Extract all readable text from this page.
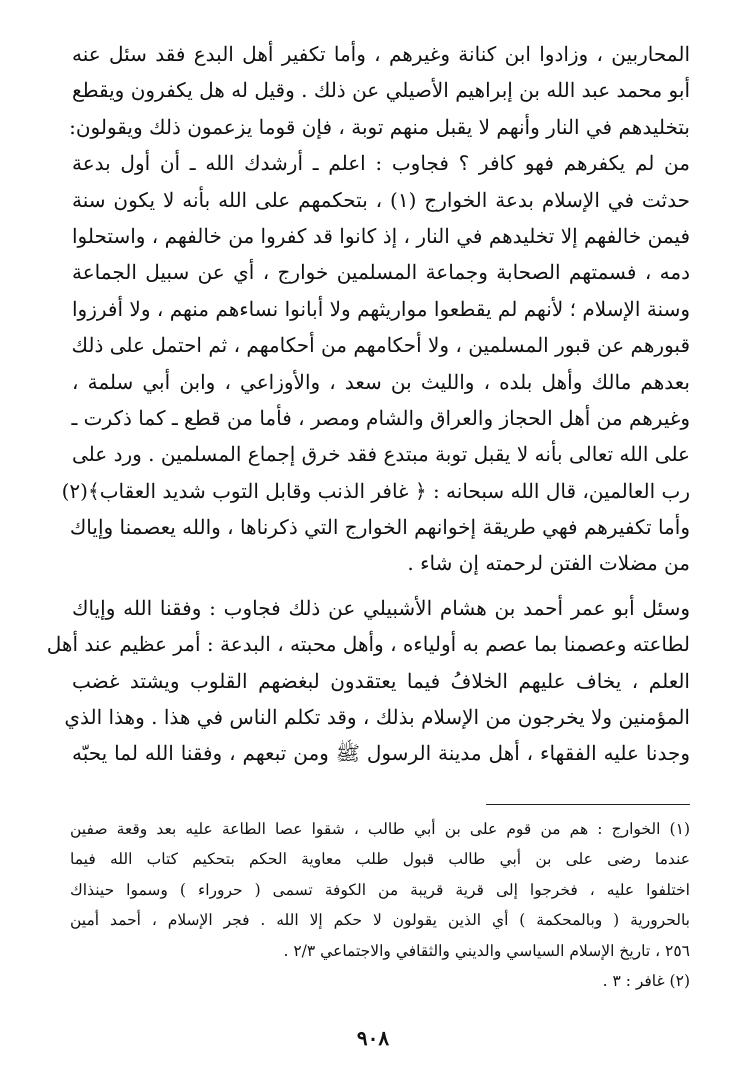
المحاربين ، وزادوا ابن كنانة وغيرهم ، وأما تكفير أهل البدع فقد سئل عنه
أبو محمد عبد الله بن إبراهيم الأصيلي عن ذلك . وقيل له هل يكفرون ويقطع
بتخليدهم في النار وأنهم لا يقبل منهم توبة ، فإن قوما يزعمون ذلك ويقولون:
من لم يكفرهم فهو كافر ؟ فجاوب : اعلم ـ أرشدك الله ـ أن أول بدعة
حدثت في الإسلام بدعة الخوارج (١) ، بتحكمهم على الله بأنه لا يكون سنة
فيمن خالفهم إلا تخليدهم في النار ، إذ كانوا قد كفروا من خالفهم ، واستحلوا
دمه ، فسمتهم الصحابة وجماعة المسلمين خوارج ، أي عن سبيل الجماعة
وسنة الإسلام ؛ لأنهم لم يقطعوا مواريثهم ولا أبانوا نساءهم منهم ، ولا أفرزوا
قبورهم عن قبور المسلمين ، ولا أحكامهم من أحكامهم ، ثم احتمل على ذلك
بعدهم مالك وأهل بلده ، والليث بن سعد ، والأوزاعي ، وابن أبي سلمة ،
وغيرهم من أهل الحجاز والعراق والشام ومصر ، فأما من قطع ـ كما ذكرت ـ
على الله تعالى بأنه لا يقبل توبة مبتدع فقد خرق إجماع المسلمين . ورد على
رب العالمين، قال الله سبحانه : ﴿ غافر الذنب وقابل التوب شديد العقاب﴾(٢)
وأما تكفيرهم فهي طريقة إخوانهم الخوارج التي ذكرناها ، والله يعصمنا وإياك
من مضلات الفتن لرحمته إن شاء .
وسئل أبو عمر أحمد بن هشام الأشبيلي عن ذلك فجاوب : وفقنا الله وإياك
لطاعته وعصمنا بما عصم به أولياءه ، وأهل محبته ، البدعة : أمر عظيم عند أهل
العلم ، يخاف عليهم الخلافُ فيما يعتقدون لبغضهم القلوب ويشتد غضب
المؤمنين ولا يخرجون من الإسلام بذلك ، وقد تكلم الناس في هذا . وهذا الذي
وجدنا عليه الفقهاء ، أهل مدينة الرسول ﷺ ومن تبعهم ، وفقنا الله لما يحبّه
(١) الخوارج : هم من قوم على بن أبي طالب ، شقوا عصا الطاعة عليه بعد وقعة صفين
عندما رضى على بن أبي طالب قبول طلب معاوية الحكم بتحكيم كتاب الله فيما
اختلفوا عليه ، فخرجوا إلى قرية قريبة من الكوفة تسمى ( حروراء ) وسموا حينذاك
بالحرورية ( وبالمحكمة ) أي الذين يقولون لا حكم إلا الله . فجر الإسلام ، أحمد أمين
٢٥٦ ، تاريخ الإسلام السياسي والديني والثقافي والاجتماعي ٢/٣ .
(٢) غافر : ٣ .
٩٠٨
